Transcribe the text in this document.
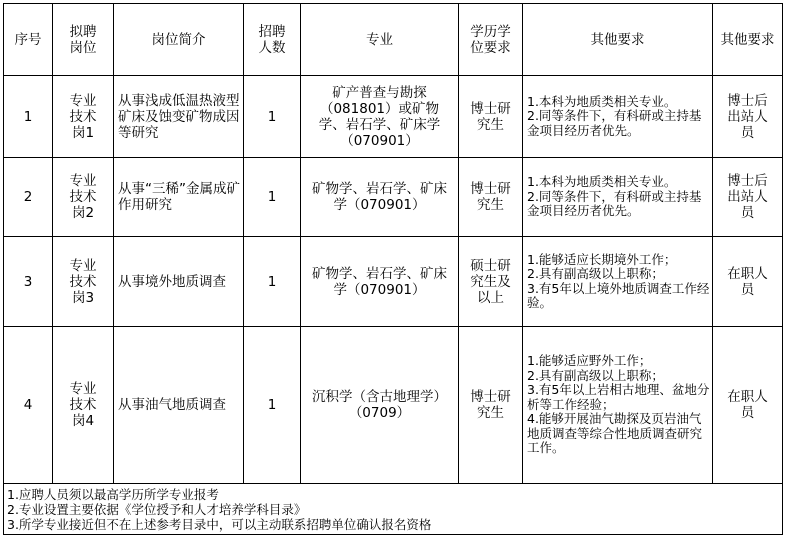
序号	拟聘岗位	岗位简介	招聘人数	专业	学历学位要求	其他要求	其他要求

1	专业技术岗1	从事浅成低温热液型矿床及蚀变矿物成因等研究	1	矿产普查与勘探（081801）或矿物学、岩石学、矿床学（070901）	博士研究生	1.本科为地质类相关专业。
2.同等条件下，有科研或主持基金项目经历者优先。	博士后出站人员

2	专业技术岗2	从事“三稀”金属成矿作用研究	1	矿物学、岩石学、矿床学（070901）	博士研究生	1.本科为地质类相关专业。
2.同等条件下，有科研或主持基金项目经历者优先。	博士后出站人员

3	专业技术岗3	从事境外地质调查	1	矿物学、岩石学、矿床学（070901）	硕士研究生及以上	1.能够适应长期境外工作；
2.具有副高级以上职称；
3.有5年以上境外地质调查工作经验。	在职人员

4	专业技术岗4	从事油气地质调查	1	沉积学（含古地理学）（0709）	博士研究生	1.能够适应野外工作；
2.具有副高级以上职称；
3.有5年以上岩相古地理、盆地分析等工作经验；
4.能够开展油气勘探及页岩油气地质调查等综合性地质调查研究工作。	在职人员

1.应聘人员须以最高学历所学专业报考
2.专业设置主要依据《学位授予和人才培养学科目录》
3.所学专业接近但不在上述参考目录中，可以主动联系招聘单位确认报名资格							
